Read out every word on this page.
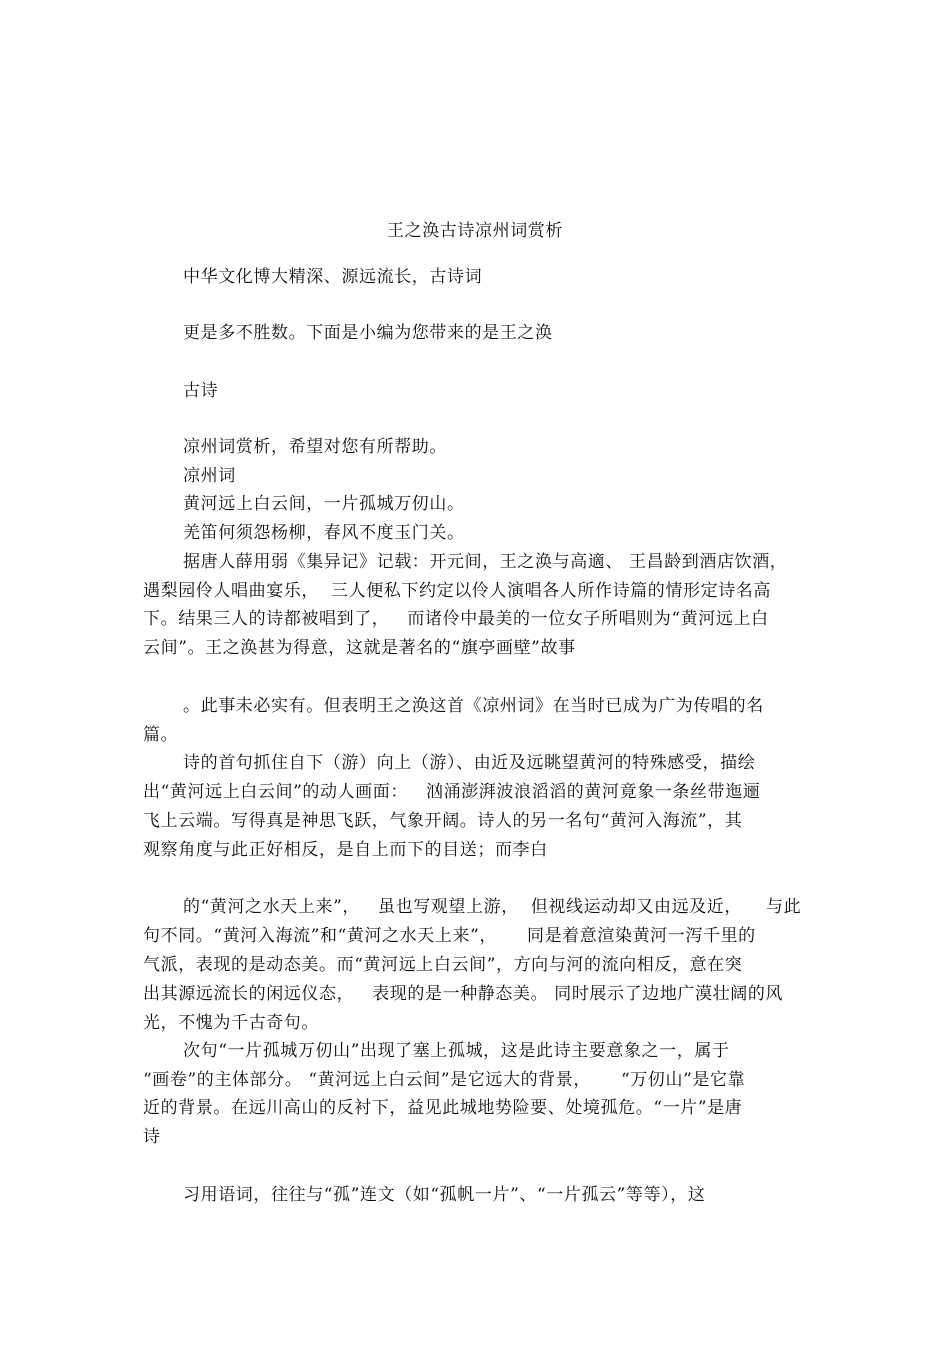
王之涣古诗凉州词赏析
中华文化博大精深、源远流长，古诗词
更是多不胜数。下面是小编为您带来的是王之涣
古诗
凉州词赏析，希望对您有所帮助。
凉州词
黄河远上白云间，一片孤城万仞山。
羌笛何须怨杨柳，春风不度玉门关。
据唐人薛用弱《集异记》记载：开元间，王之涣与高適、 王昌龄到酒店饮酒，
遇梨园伶人唱曲宴乐，  三人便私下约定以伶人演唱各人所作诗篇的情形定诗名高
下。结果三人的诗都被唱到了，   而诸伶中最美的一位女子所唱则为“黄河远上白
云间”。王之涣甚为得意，这就是著名的“旗亭画壁”故事
。此事未必实有。但表明王之涣这首《凉州词》在当时已成为广为传唱的名
篇。
诗的首句抓住自下（游）向上（游）、由近及远眺望黄河的特殊感受，描绘
出“黄河远上白云间”的动人画面：   汹涌澎湃波浪滔滔的黄河竟象一条丝带迤逦
飞上云端。写得真是神思飞跃，气象开阔。诗人的另一名句“黄河入海流”，其
观察角度与此正好相反，是自上而下的目送；而李白
的“黄河之水天上来”，   虽也写观望上游，  但视线运动却又由远及近，    与此
句不同。“黄河入海流”和“黄河之水天上来”，     同是着意渲染黄河一泻千里的
气派，表现的是动态美。而“黄河远上白云间”，方向与河的流向相反，意在突
出其源远流长的闲远仪态，   表现的是一种静态美。 同时展示了边地广漠壮阔的风
光，不愧为千古奇句。
次句“一片孤城万仞山”出现了塞上孤城，这是此诗主要意象之一，属于
“画卷”的主体部分。 “黄河远上白云间”是它远大的背景，     “万仞山”是它靠
近的背景。在远川高山的反衬下，益见此城地势险要、处境孤危。“一片”是唐
诗
习用语词，往往与“孤”连文（如“孤帆一片”、“一片孤云”等等），这
